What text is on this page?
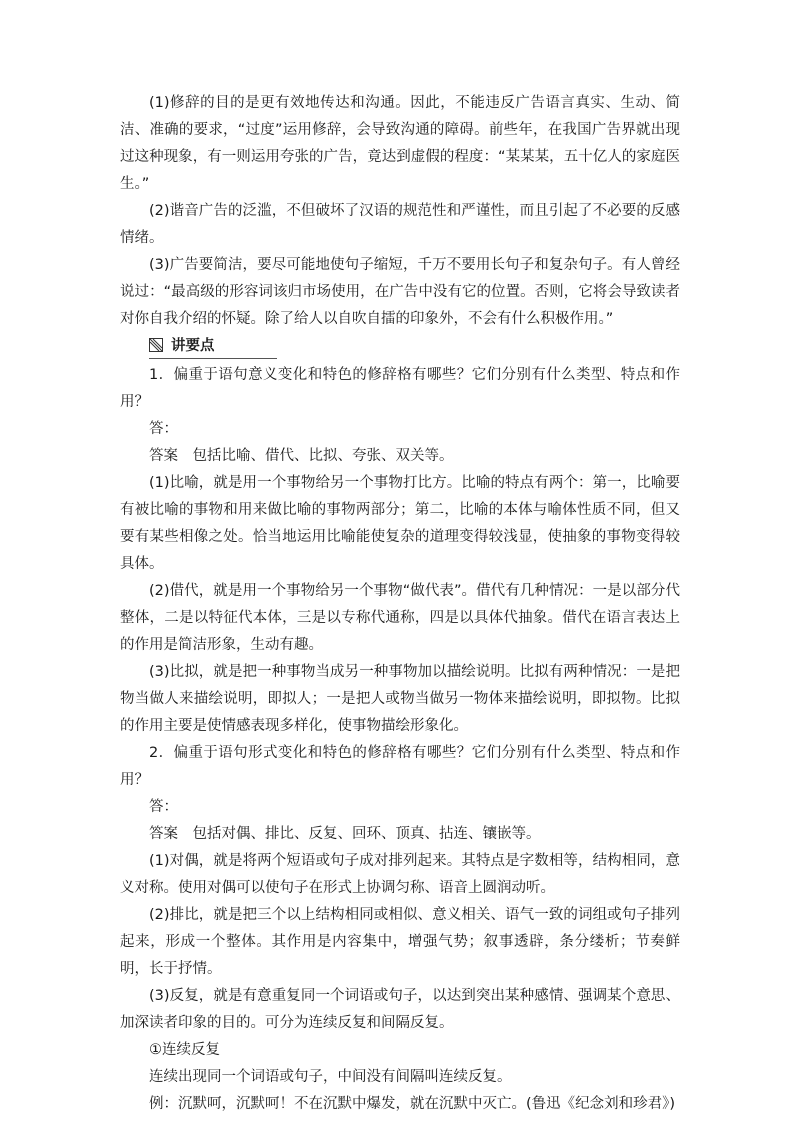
(1)修辞的目的是更有效地传达和沟通。因此，不能违反广告语言真实、生动、简洁、准确的要求，“过度”运用修辞，会导致沟通的障碍。前些年，在我国广告界就出现过这种现象，有一则运用夸张的广告，竟达到虚假的程度：“某某某，五十亿人的家庭医生。”

(2)谐音广告的泛滥，不但破坏了汉语的规范性和严谨性，而且引起了不必要的反感情绪。

(3)广告要简洁，要尽可能地使句子缩短，千万不要用长句子和复杂句子。有人曾经说过：“最高级的形容词该归市场使用，在广告中没有它的位置。否则，它将会导致读者对你自我介绍的怀疑。除了给人以自吹自擂的印象外，不会有什么积极作用。”

讲要点

1．偏重于语句意义变化和特色的修辞格有哪些？它们分别有什么类型、特点和作用？

答：

答案　包括比喻、借代、比拟、夸张、双关等。

(1)比喻，就是用一个事物给另一个事物打比方。比喻的特点有两个：第一，比喻要有被比喻的事物和用来做比喻的事物两部分；第二，比喻的本体与喻体性质不同，但又要有某些相像之处。恰当地运用比喻能使复杂的道理变得较浅显，使抽象的事物变得较具体。

(2)借代，就是用一个事物给另一个事物“做代表”。借代有几种情况：一是以部分代整体，二是以特征代本体，三是以专称代通称，四是以具体代抽象。借代在语言表达上的作用是简洁形象，生动有趣。

(3)比拟，就是把一种事物当成另一种事物加以描绘说明。比拟有两种情况：一是把物当做人来描绘说明，即拟人；一是把人或物当做另一物体来描绘说明，即拟物。比拟的作用主要是使情感表现多样化，使事物描绘形象化。

2．偏重于语句形式变化和特色的修辞格有哪些？它们分别有什么类型、特点和作用？

答：

答案　包括对偶、排比、反复、回环、顶真、拈连、镶嵌等。

(1)对偶，就是将两个短语或句子成对排列起来。其特点是字数相等，结构相同，意义对称。使用对偶可以使句子在形式上协调匀称、语音上圆润动听。

(2)排比，就是把三个以上结构相同或相似、意义相关、语气一致的词组或句子排列起来，形成一个整体。其作用是内容集中，增强气势；叙事透辟，条分缕析；节奏鲜明，长于抒情。

(3)反复，就是有意重复同一个词语或句子，以达到突出某种感情、强调某个意思、加深读者印象的目的。可分为连续反复和间隔反复。

①连续反复

连续出现同一个词语或句子，中间没有间隔叫连续反复。

例：沉默呵，沉默呵！不在沉默中爆发，就在沉默中灭亡。(鲁迅《纪念刘和珍君》)
